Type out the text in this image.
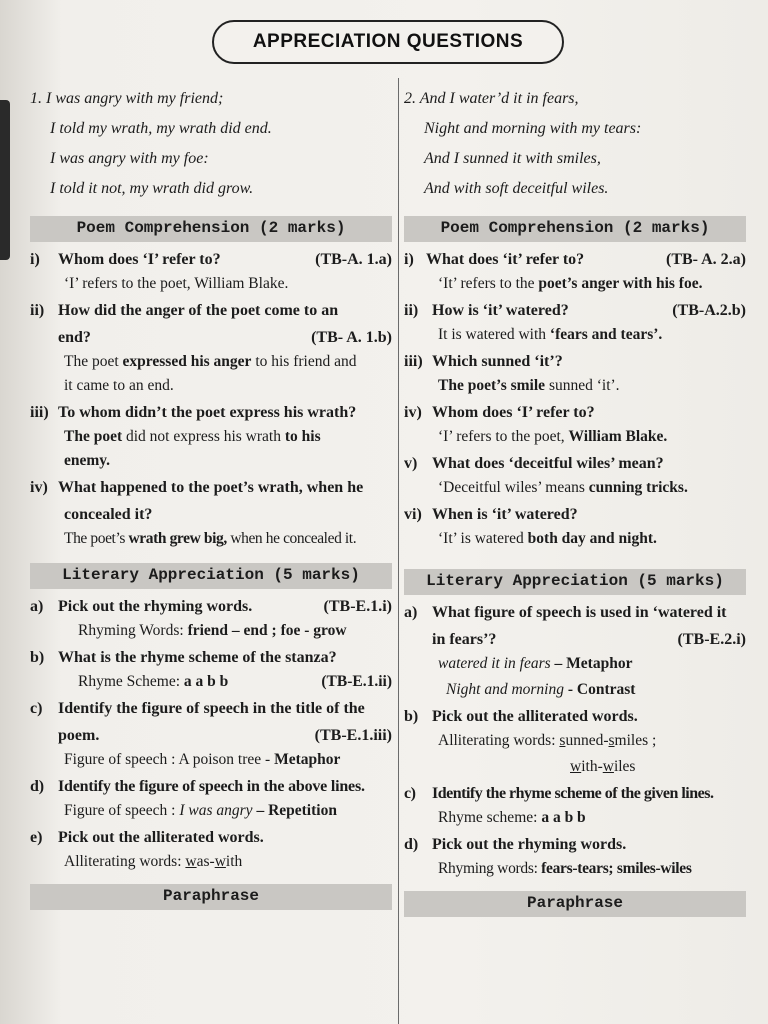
APPRECIATION QUESTIONS
1. I was angry with my friend;
I told my wrath, my wrath did end.
I was angry with my foe:
I told it not, my wrath did grow.
Poem Comprehension (2 marks)
i) Whom does ‘I’ refer to?	(TB-A. 1.a)
‘I’ refers to the poet, William Blake.
ii) How did the anger of the poet come to an
end?	(TB- A. 1.b)
The poet expressed his anger to his friend and
it came to an end.
iii) To whom didn’t the poet express his wrath?
The poet did not express his wrath to his
enemy.
iv) What happened to the poet’s wrath, when he
concealed it?
The poet’s wrath grew big, when he concealed it.
Literary Appreciation (5 marks)
a) Pick out the rhyming words.	(TB-E.1.i)
Rhyming Words: friend – end ; foe - grow
b) What is the rhyme scheme of the stanza?
Rhyme Scheme: a a b b	(TB-E.1.ii)
c) Identify the figure of speech in the title of the
poem.	(TB-E.1.iii)
Figure of speech : A poison tree - Metaphor
d) Identify the figure of speech in the above lines.
Figure of speech : I was angry – Repetition
e) Pick out the alliterated words.
Alliterating words: was-with
Paraphrase
2. And I water’d it in fears,
Night and morning with my tears:
And I sunned it with smiles,
And with soft deceitful wiles.
Poem Comprehension (2 marks)
i) What does ‘it’ refer to?	(TB- A. 2.a)
‘It’ refers to the poet’s anger with his foe.
ii) How is ‘it’ watered?	(TB-A.2.b)
It is watered with ‘fears and tears’.
iii) Which sunned ‘it’?
The poet’s smile sunned ‘it’.
iv) Whom does ‘I’ refer to?
‘I’ refers to the poet, William Blake.
v) What does ‘deceitful wiles’ mean?
‘Deceitful wiles’ means cunning tricks.
vi) When is ‘it’ watered?
‘It’ is watered both day and night.
Literary Appreciation (5 marks)
a) What figure of speech is used in ‘watered it
in fears’?	(TB-E.2.i)
watered it in fears – Metaphor
Night and morning - Contrast
b) Pick out the alliterated words.
Alliterating words: sunned-smiles ;
with-wiles
c) Identify the rhyme scheme of the given lines.
Rhyme scheme: a a b b
d) Pick out the rhyming words.
Rhyming words: fears-tears; smiles-wiles
Paraphrase
